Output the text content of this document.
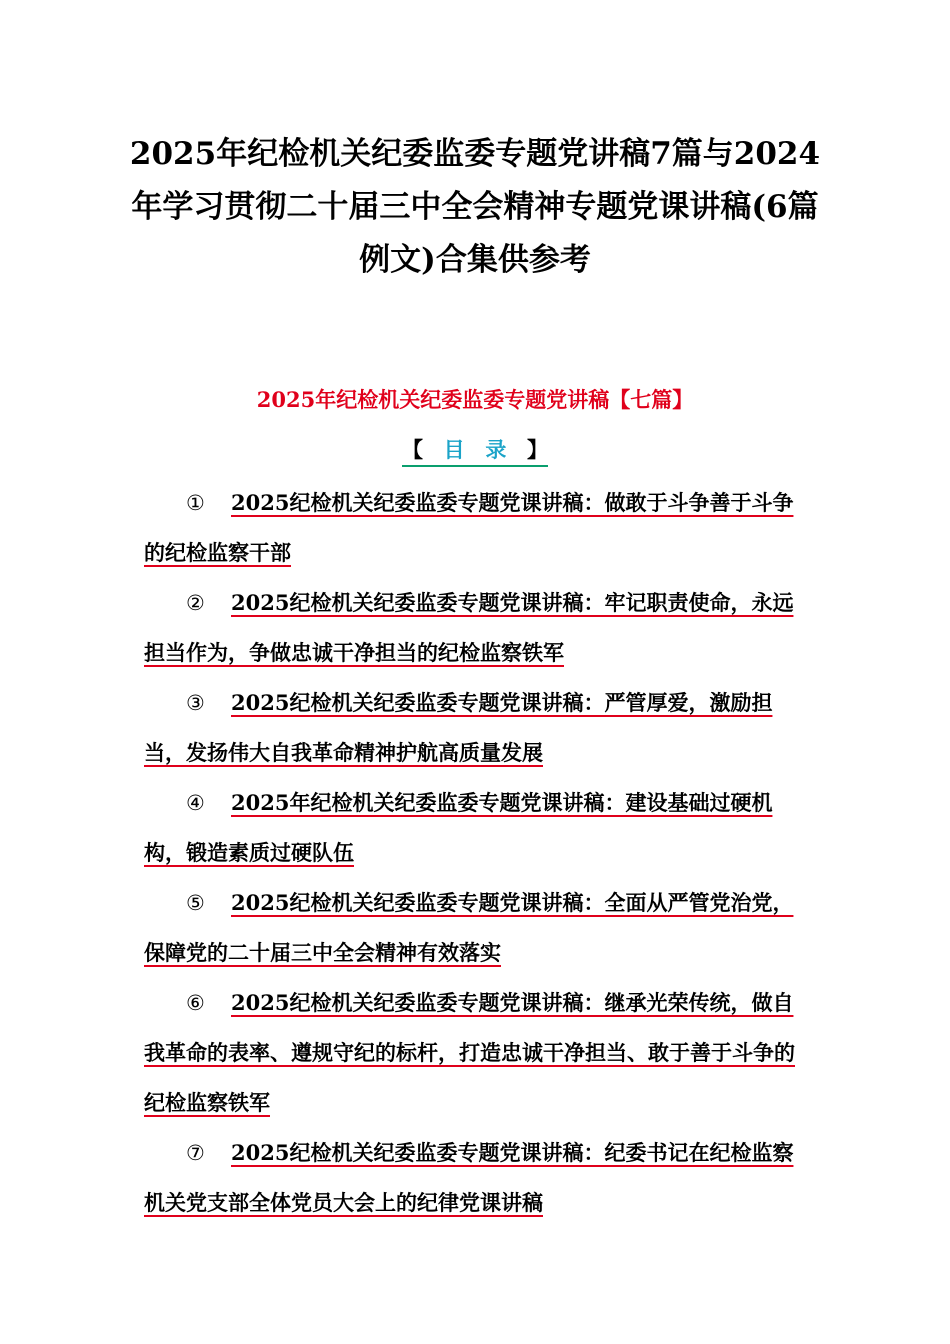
2025年纪检机关纪委监委专题党讲稿7篇与2024年学习贯彻二十届三中全会精神专题党课讲稿(6篇例文)合集供参考
2025年纪检机关纪委监委专题党讲稿【七篇】
【 目 录 】

① 2025纪检机关纪委监委专题党课讲稿：做敢于斗争善于斗争的纪检监察干部

② 2025纪检机关纪委监委专题党课讲稿：牢记职责使命，永远担当作为，争做忠诚干净担当的纪检监察铁军

③ 2025纪检机关纪委监委专题党课讲稿：严管厚爱，激励担当，发扬伟大自我革命精神护航高质量发展

④ 2025年纪检机关纪委监委专题党课讲稿：建设基础过硬机构，锻造素质过硬队伍

⑤ 2025纪检机关纪委监委专题党课讲稿：全面从严管党治党，保障党的二十届三中全会精神有效落实

⑥ 2025纪检机关纪委监委专题党课讲稿：继承光荣传统，做自我革命的表率、遵规守纪的标杆，打造忠诚干净担当、敢于善于斗争的纪检监察铁军

⑦ 2025纪检机关纪委监委专题党课讲稿：纪委书记在纪检监察机关党支部全体党员大会上的纪律党课讲稿
